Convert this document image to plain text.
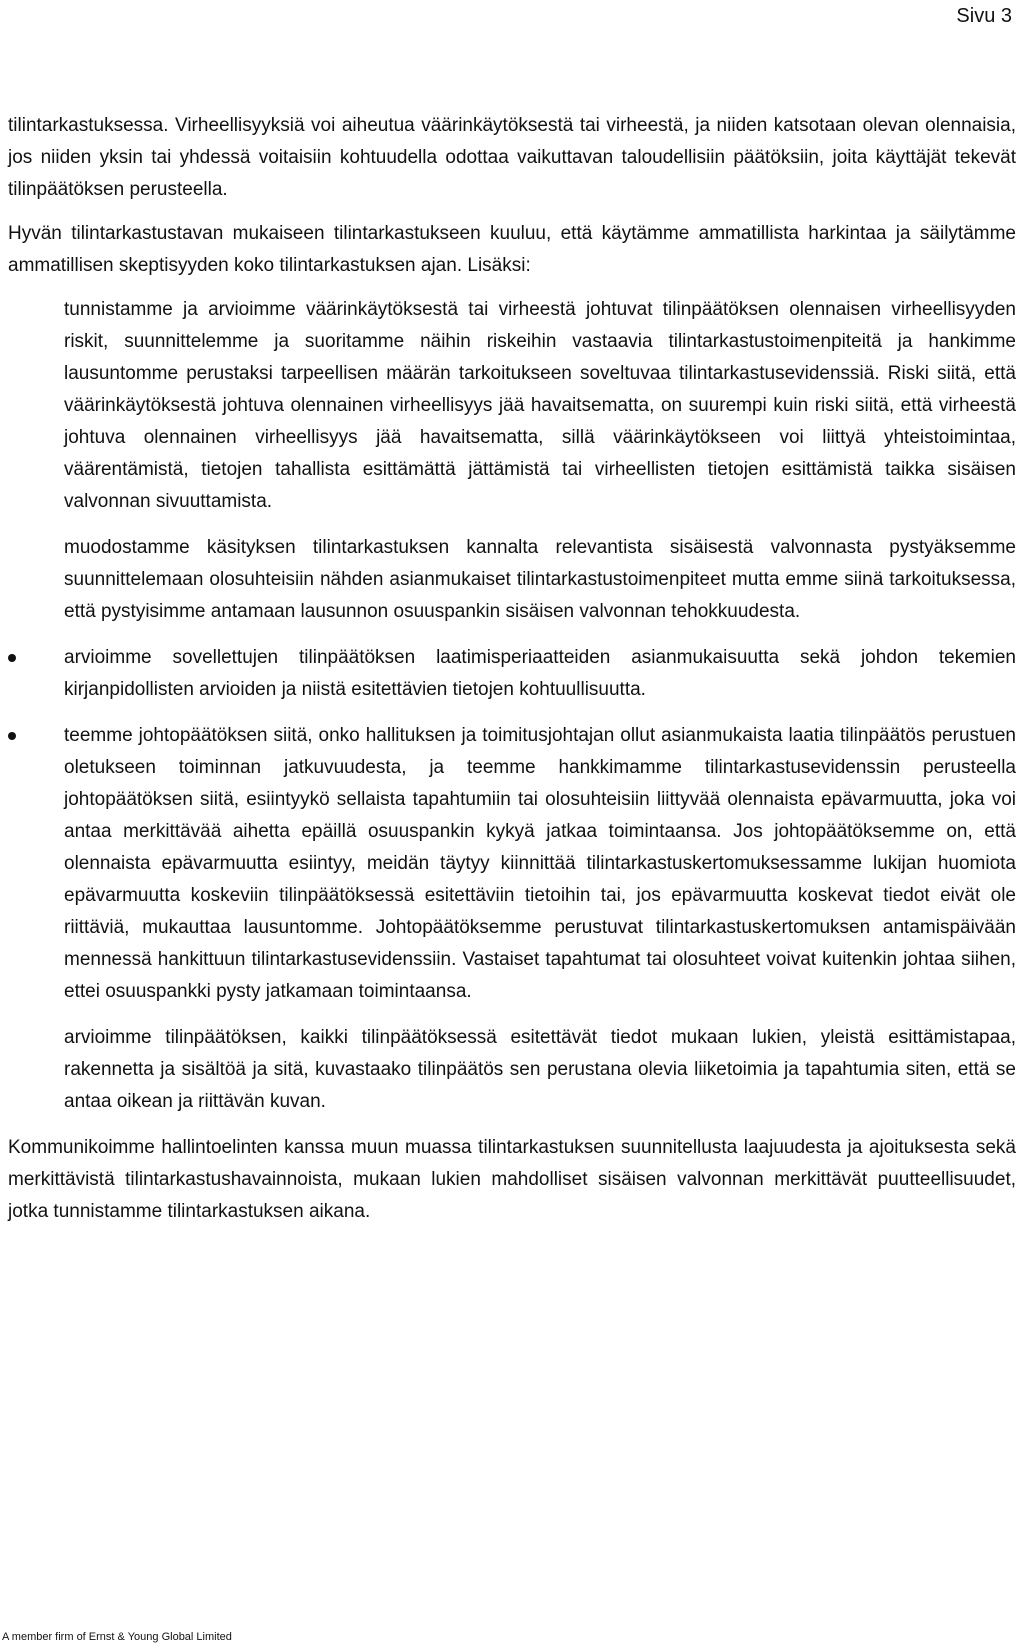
Sivu 3

tilintarkastuksessa. Virheellisyyksiä voi aiheutua väärinkäytöksestä tai virheestä, ja niiden katsotaan olevan olennaisia, jos niiden yksin tai yhdessä voitaisiin kohtuudella odottaa vaikuttavan taloudellisiin päätöksiin, joita käyttäjät tekevät tilinpäätöksen perusteella.

Hyvän tilintarkastustavan mukaiseen tilintarkastukseen kuuluu, että käytämme ammatillista harkintaa ja säilytämme ammatillisen skeptisyyden koko tilintarkastuksen ajan. Lisäksi:

tunnistamme ja arvioimme väärinkäytöksestä tai virheestä johtuvat tilinpäätöksen olennaisen virheellisyyden riskit, suunnittelemme ja suoritamme näihin riskeihin vastaavia tilintarkastustoimenpiteitä ja hankimme lausuntomme perustaksi tarpeellisen määrän tarkoitukseen soveltuvaa tilintarkastusevidenssiä. Riski siitä, että väärinkäytöksestä johtuva olennainen virheellisyys jää havaitsematta, on suurempi kuin riski siitä, että virheestä johtuva olennainen virheellisyys jää havaitsematta, sillä väärinkäytökseen voi liittyä yhteistoimintaa, väärentämistä, tietojen tahallista esittämättä jättämistä tai virheellisten tietojen esittämistä taikka sisäisen valvonnan sivuuttamista.
muodostamme käsityksen tilintarkastuksen kannalta relevantista sisäisestä valvonnasta pystyäksemme suunnittelemaan olosuhteisiin nähden asianmukaiset tilintarkastustoimenpiteet mutta emme siinä tarkoituksessa, että pystyisimme antamaan lausunnon osuuspankin sisäisen valvonnan tehokkuudesta.
arvioimme sovellettujen tilinpäätöksen laatimisperiaatteiden asianmukaisuutta sekä johdon tekemien kirjanpidollisten arvioiden ja niistä esitettävien tietojen kohtuullisuutta.
teemme johtopäätöksen siitä, onko hallituksen ja toimitusjohtajan ollut asianmukaista laatia tilinpäätös perustuen oletukseen toiminnan jatkuvuudesta, ja teemme hankkimamme tilintarkastusevidenssin perusteella johtopäätöksen siitä, esiintyykö sellaista tapahtumiin tai olosuhteisiin liittyvää olennaista epävarmuutta, joka voi antaa merkittävää aihetta epäillä osuuspankin kykyä jatkaa toimintaansa. Jos johtopäätöksemme on, että olennaista epävarmuutta esiintyy, meidän täytyy kiinnittää tilintarkastuskertomuksessamme lukijan huomiota epävarmuutta koskeviin tilinpäätöksessä esitettäviin tietoihin tai, jos epävarmuutta koskevat tiedot eivät ole riittäviä, mukauttaa lausuntomme. Johtopäätöksemme perustuvat tilintarkastuskertomuksen antamispäivään mennessä hankittuun tilintarkastusevidenssiin. Vastaiset tapahtumat tai olosuhteet voivat kuitenkin johtaa siihen, ettei osuuspankki pysty jatkamaan toimintaansa.
arvioimme tilinpäätöksen, kaikki tilinpäätöksessä esitettävät tiedot mukaan lukien, yleistä esittämistapaa, rakennetta ja sisältöä ja sitä, kuvastaako tilinpäätös sen perustana olevia liiketoimia ja tapahtumia siten, että se antaa oikean ja riittävän kuvan.

Kommunikoimme hallintoelinten kanssa muun muassa tilintarkastuksen suunnitellusta laajuudesta ja ajoituksesta sekä merkittävistä tilintarkastushavainnoista, mukaan lukien mahdolliset sisäisen valvonnan merkittävät puutteellisuudet, jotka tunnistamme tilintarkastuksen aikana.

A member firm of Ernst & Young Global Limited
